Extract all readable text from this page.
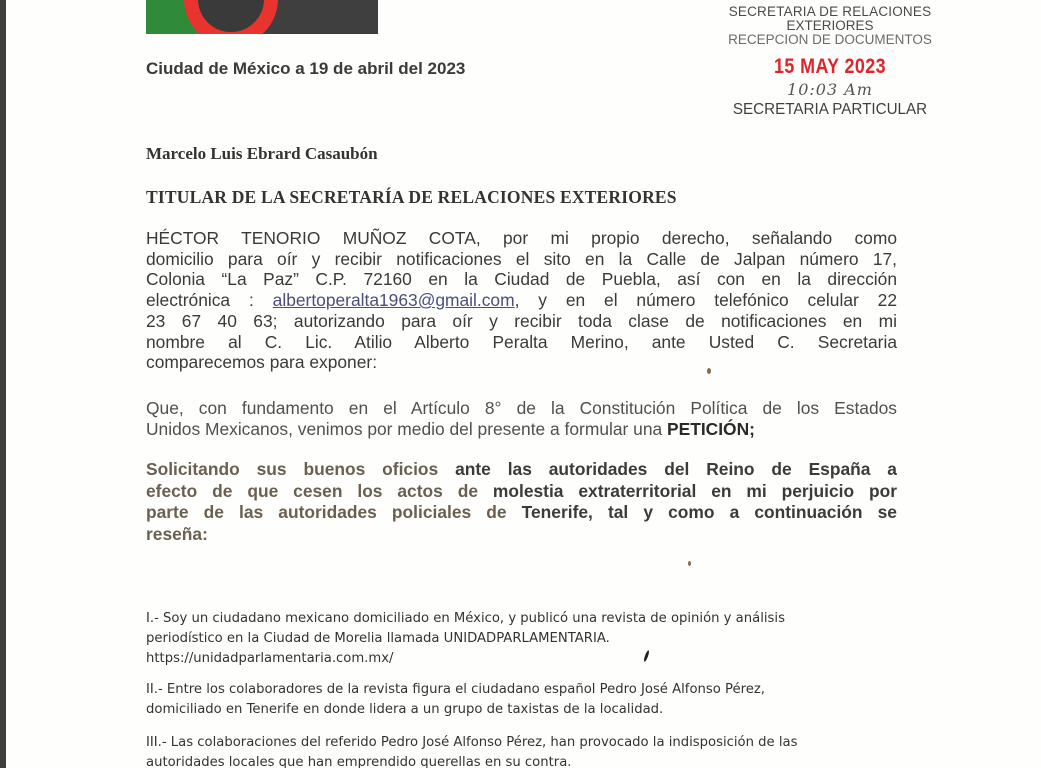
Ciudad de México a 19 de abril del 2023
SECRETARIA DE RELACIONES
EXTERIORES
RECEPCION DE DOCUMENTOS
15 MAY 2023
10:03 Am
SECRETARIA PARTICULAR
Marcelo Luis Ebrard Casaubón
TITULAR DE LA SECRETARÍA DE RELACIONES EXTERIORES
HÉCTOR TENORIO MUÑOZ COTA, por mi propio derecho, señalando como
domicilio para oír y recibir notificaciones el sito en la Calle de Jalpan número 17,
Colonia “La Paz” C.P. 72160 en la Ciudad de Puebla, así con en la dirección
electrónica : albertoperalta1963@gmail.com, y en el número telefónico celular 22
23 67 40 63; autorizando para oír y recibir toda clase de notificaciones en mi
nombre al C. Lic. Atilio Alberto Peralta Merino, ante Usted C. Secretaria
comparecemos para exponer:
Que, con fundamento en el Artículo 8° de la Constitución Política de los Estados
Unidos Mexicanos, venimos por medio del presente a formular una PETICIÓN;
Solicitando sus buenos oficios ante las autoridades del Reino de España a
efecto de que cesen los actos de molestia extraterritorial en mi perjuicio por
parte de las autoridades policiales de Tenerife, tal y como a continuación se
reseña:
I.- Soy un ciudadano mexicano domiciliado en México, y publicó una revista de opinión y análisis
periodístico en la Ciudad de Morelia llamada UNIDADPARLAMENTARIA.
https://unidadparlamentaria.com.mx/
II.- Entre los colaboradores de la revista figura el ciudadano español Pedro José Alfonso Pérez,
domiciliado en Tenerife en donde lidera a un grupo de taxistas de la localidad.
III.- Las colaboraciones del referido Pedro José Alfonso Pérez, han provocado la indisposición de las
autoridades locales que han emprendido querellas en su contra.
